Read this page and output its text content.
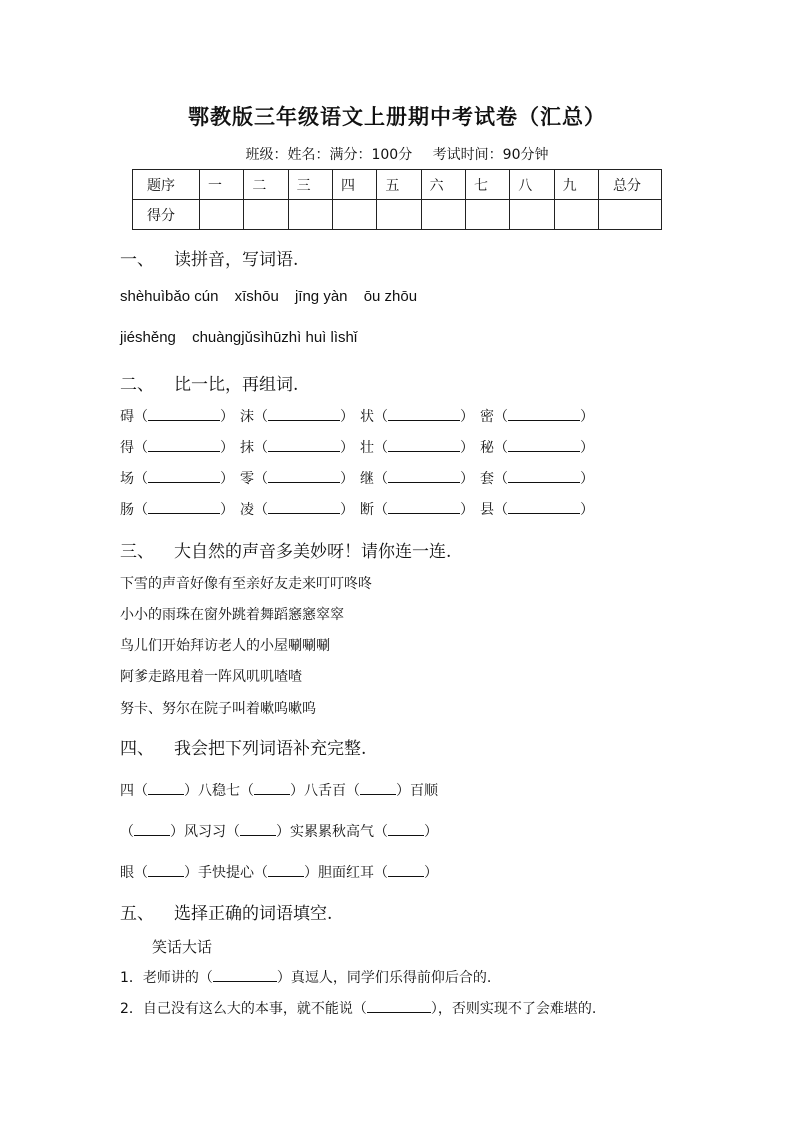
鄂教版三年级语文上册期中考试卷（汇总）
班级：姓名：满分：100分 考试时间：90分钟
题序	一	二	三	四	五	六	七	八	九	总分
得分										
一、 读拼音，写词语.
shèhuìbǎo cún xīshōu jīng yàn ōu zhōu
jiéshěng chuàngjǔsìhūzhì huì lìshǐ
二、 比一比，再组词.
碍（	） 沫（	） 状（	） 密（	）
得（	） 抹（	） 壮（	） 秘（	）
场（	） 零（	） 继（	） 套（	）
肠（	） 凌（	） 断（	） 县（	）
三、 大自然的声音多美妙呀！请你连一连.
下雪的声音好像有至亲好友走来叮叮咚咚
小小的雨珠在窗外跳着舞蹈窸窸窣窣
鸟儿们开始拜访老人的小屋唰唰唰
阿爹走路甩着一阵风叽叽喳喳
努卡、努尔在院子叫着嗽呜嗽呜
四、 我会把下列词语补充完整.
四（	）八稳七（	）八舌百（	）百顺
（	）风习习（	）实累累秋高气（	）
眼（	）手快提心（	）胆面红耳（	）
五、 选择正确的词语填空.
笑话大话
1．老师讲的（	）真逗人，同学们乐得前仰后合的.
2．自己没有这么大的本事，就不能说（	），否则实现不了会难堪的.
